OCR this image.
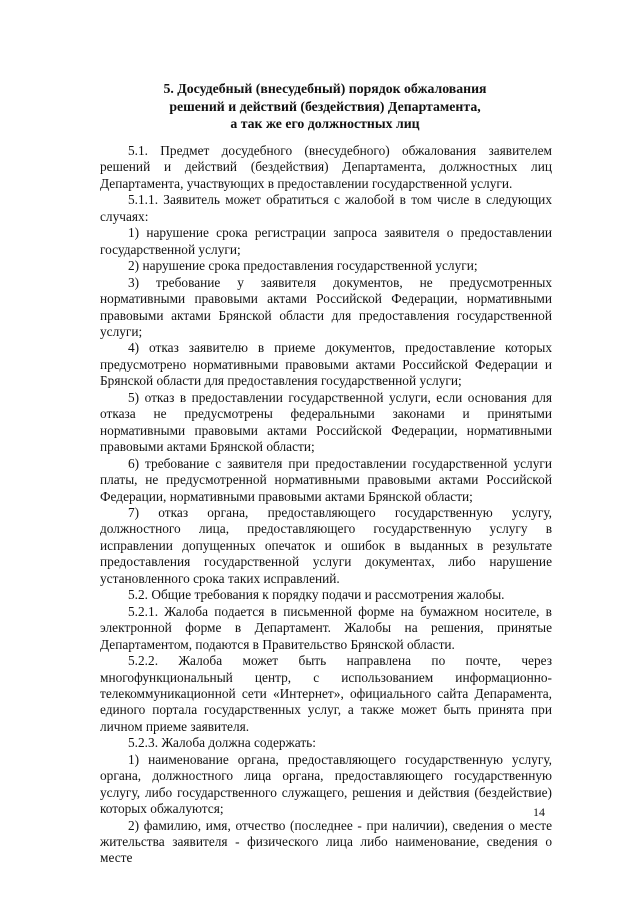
5. Досудебный (внесудебный) порядок обжалования
решений и действий (бездействия) Департамента,
а так же его должностных лиц

5.1. Предмет досудебного (внесудебного) обжалования заявителем решений и действий (бездействия) Департамента, должностных лиц Департамента, участвующих в предоставлении государственной услуги.

5.1.1. Заявитель может обратиться с жалобой в том числе в следующих случаях:

1) нарушение срока регистрации запроса заявителя о предоставлении государственной услуги;

2) нарушение срока предоставления государственной услуги;

3) требование у заявителя документов, не предусмотренных нормативными правовыми актами Российской Федерации, нормативными правовыми актами Брянской области для предоставления государственной услуги;

4) отказ заявителю в приеме документов, предоставление которых предусмотрено нормативными правовыми актами Российской Федерации и Брянской области для предоставления государственной услуги;

5) отказ в предоставлении государственной услуги, если основания для отказа не предусмотрены федеральными законами и принятыми нормативными правовыми актами Российской Федерации, нормативными правовыми актами Брянской области;

6) требование с заявителя при предоставлении государственной услуги платы, не предусмотренной нормативными правовыми актами Российской Федерации, нормативными правовыми актами Брянской области;

7) отказ органа, предоставляющего государственную услугу, должностного лица, предоставляющего государственную услугу в исправлении допущенных опечаток и ошибок в выданных в результате предоставления государственной услуги документах, либо нарушение установленного срока таких исправлений.

5.2. Общие требования к порядку подачи и рассмотрения жалобы.

5.2.1. Жалоба подается в письменной форме на бумажном носителе, в электронной форме в Департамент. Жалобы на решения, принятые Департаментом, подаются в Правительство Брянской области.

5.2.2. Жалоба может быть направлена по почте, через многофункциональный центр, с использованием информационно-телекоммуникационной сети «Интернет», официального сайта Депараментa, единого портала государственных услуг, а также может быть принята при личном приеме заявителя.

5.2.3. Жалоба должна содержать:

1) наименование органа, предоставляющего государственную услугу, органа, должностного лица органа, предоставляющего государственную услугу, либо государственного служащего, решения и действия (бездействие) которых обжалуются;

2) фамилию, имя, отчество (последнее - при наличии), сведения о месте жительства заявителя - физического лица либо наименование, сведения о месте

14
